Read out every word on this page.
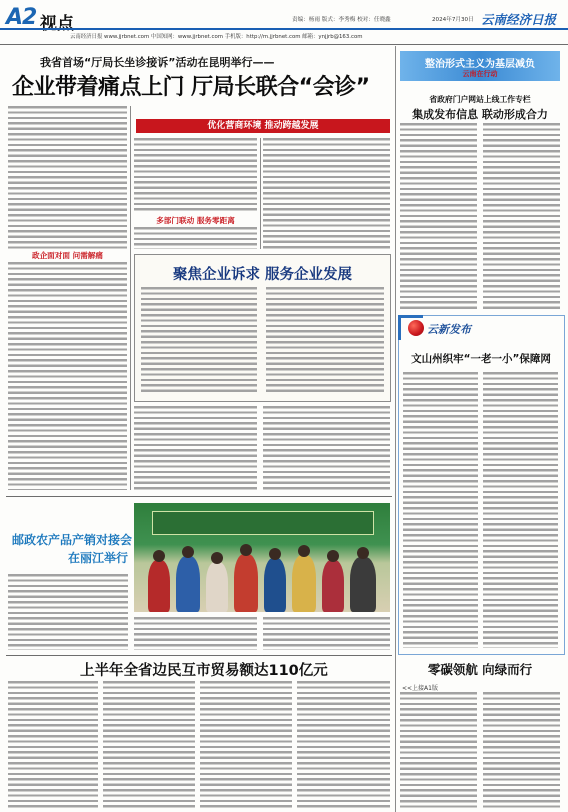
A2 视点	责编：杨雨 版式：李秀梅 校对：任晓鑫	2024年7月30日 云南经济日报
云南经济日报 www.jjrbnet.com 中国知网：www.jjrbnet.com 手机版：http://m.jjrbnet.com 邮箱：ynjjrb@163.com
我省首场“厅局长坐诊接诉”活动在昆明举行——
企业带着痛点上门 厅局长联合“会诊”
优化营商环境 推动跨越发展
政企面对面 问需解痛
多部门联动 服务零距离
聚焦企业诉求 服务企业发展
邮政农产品产销对接会
在丽江举行
上半年全省边民互市贸易额达110亿元
整治形式主义为基层减负
云南在行动
省政府门户网站上线工作专栏
集成发布信息 联动形成合力
云新发布
文山州织牢“一老一小”保障网
零碳领航 向绿而行
<<上接A1版
